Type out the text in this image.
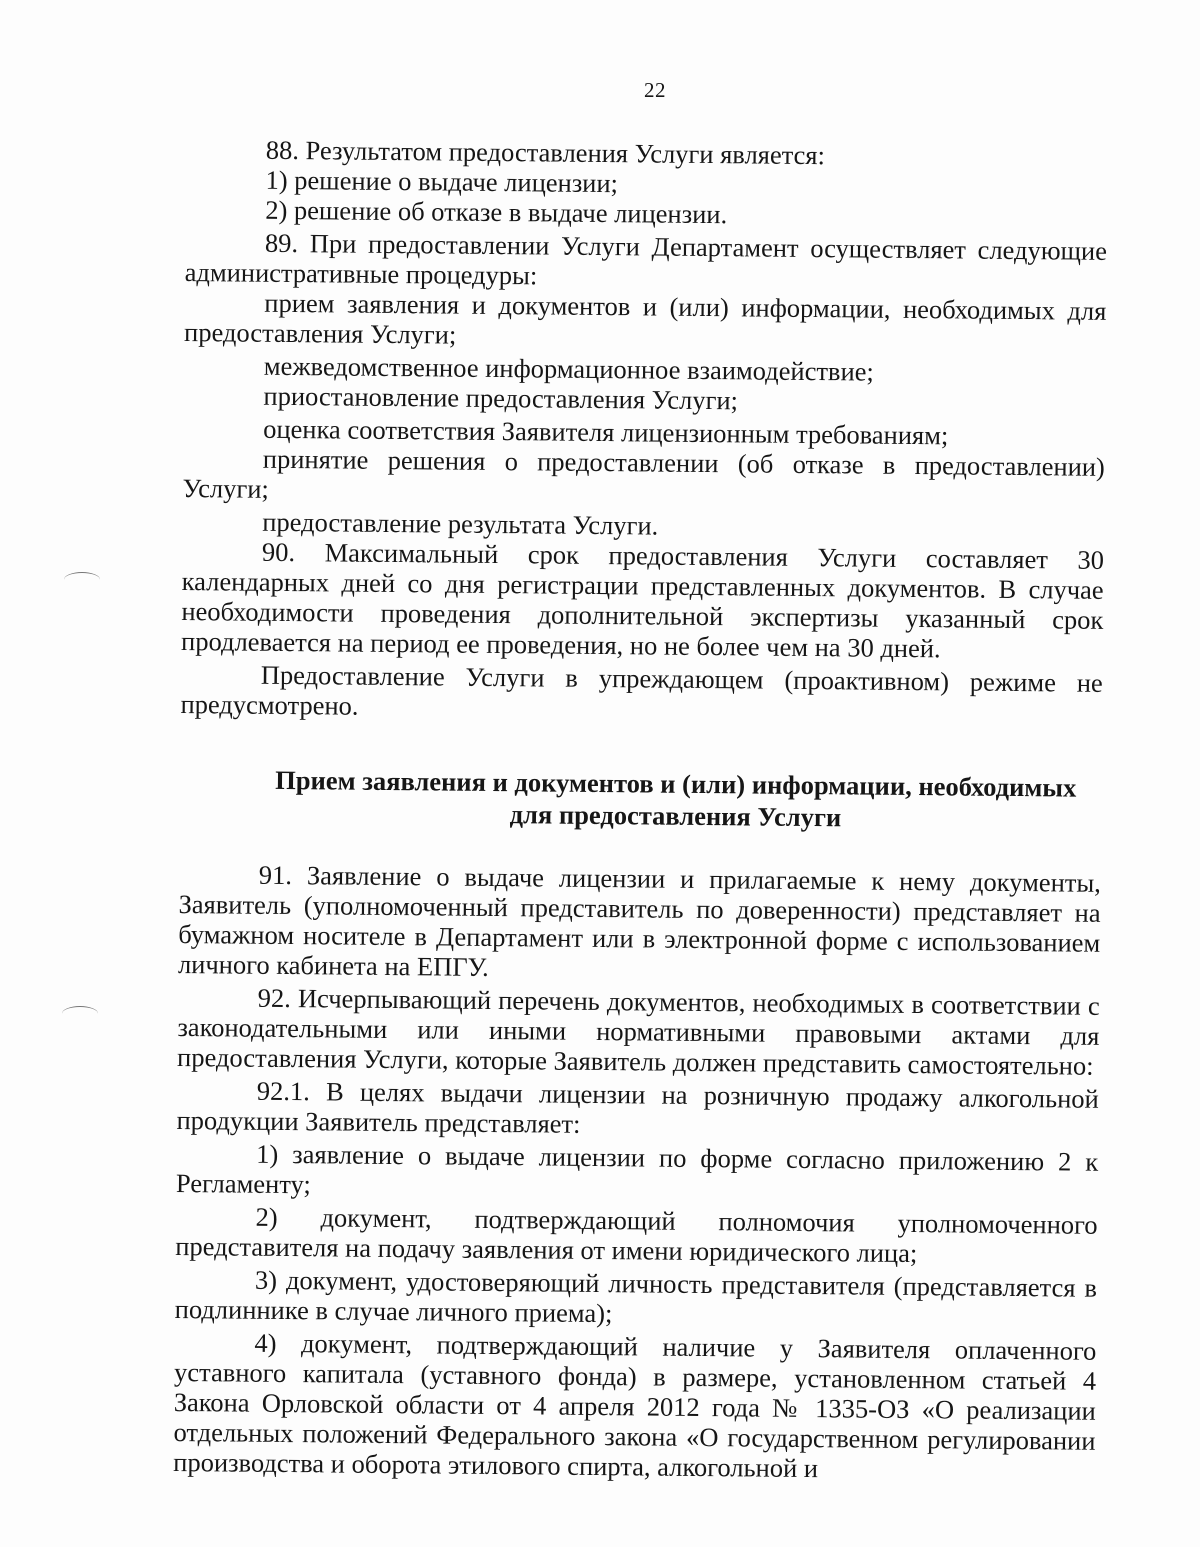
22

88. Результатом предоставления Услуги является:

1) решение о выдаче лицензии;

2) решение об отказе в выдаче лицензии.

89. При предоставлении Услуги Департамент осуществляет следующие административные процедуры:

прием заявления и документов и (или) информации, необходимых для предоставления Услуги;

межведомственное информационное взаимодействие;

приостановление предоставления Услуги;

оценка соответствия Заявителя лицензионным требованиям;

принятие решения о предоставлении (об отказе в предоставлении) Услуги;

предоставление результата Услуги.

90. Максимальный срок предоставления Услуги составляет 30 календарных дней со дня регистрации представленных документов. В случае необходимости проведения дополнительной экспертизы указанный срок продлевается на период ее проведения, но не более чем на 30 дней.

Предоставление Услуги в упреждающем (проактивном) режиме не предусмотрено.

Прием заявления и документов и (или) информации, необходимых
для предоставления Услуги

91. Заявление о выдаче лицензии и прилагаемые к нему документы, Заявитель (уполномоченный представитель по доверенности) представляет на бумажном носителе в Департамент или в электронной форме с использованием личного кабинета на ЕПГУ.

92. Исчерпывающий перечень документов, необходимых в соответствии с законодательными или иными нормативными правовыми актами для предоставления Услуги, которые Заявитель должен представить самостоятельно:

92.1. В целях выдачи лицензии на розничную продажу алкогольной продукции Заявитель представляет:

1) заявление о выдаче лицензии по форме согласно приложению 2 к Регламенту;

2) документ, подтверждающий полномочия уполномоченного представителя на подачу заявления от имени юридического лица;

3) документ, удостоверяющий личность представителя (представляется в подлиннике в случае личного приема);

4) документ, подтверждающий наличие у Заявителя оплаченного уставного капитала (уставного фонда) в размере, установленном статьей 4 Закона Орловской области от 4 апреля 2012 года № 1335-ОЗ «О реализации отдельных положений Федерального закона «О государственном регулировании производства и оборота этилового спирта, алкогольной и
